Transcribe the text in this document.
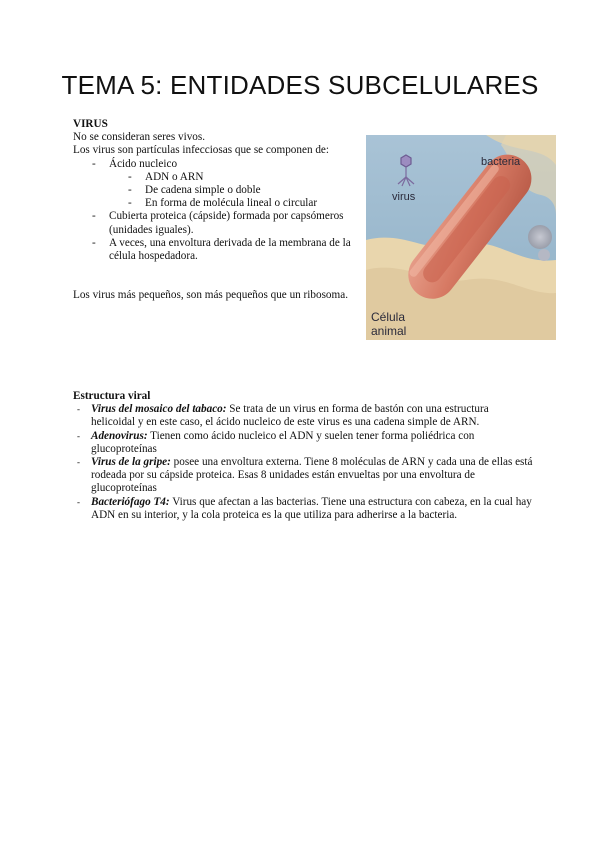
TEMA 5: ENTIDADES SUBCELULARES

VIRUS

No se consideran seres vivos.

Los virus son partículas infecciosas que se componen de:

- Ácido nucleico
- ADN o ARN
- De cadena simple o doble
- En forma de molécula lineal o circular
- Cubierta proteica (cápside) formada por capsómeros (unidades iguales).
- A veces, una envoltura derivada de la membrana de la célula hospedadora.

Los virus más pequeños, son más pequeños que un ribosoma.

virus
bacteria
Célula
animal

Estructura viral

- Virus del mosaico del tabaco: Se trata de un virus en forma de bastón con una estructura helicoidal y en este caso, el ácido nucleico de este virus es una cadena simple de ARN.
- Adenovirus: Tienen como ácido nucleico el ADN y suelen tener forma poliédrica con glucoproteínas
- Virus de la gripe: posee una envoltura externa. Tiene 8 moléculas de ARN y cada una de ellas está rodeada por su cápside proteica. Esas 8 unidades están envueltas por una envoltura de glucoproteínas
- Bacteriófago T4: Virus que afectan a las bacterias. Tiene una estructura con cabeza, en la cual hay ADN en su interior, y la cola proteica es la que utiliza para adherirse a la bacteria.
